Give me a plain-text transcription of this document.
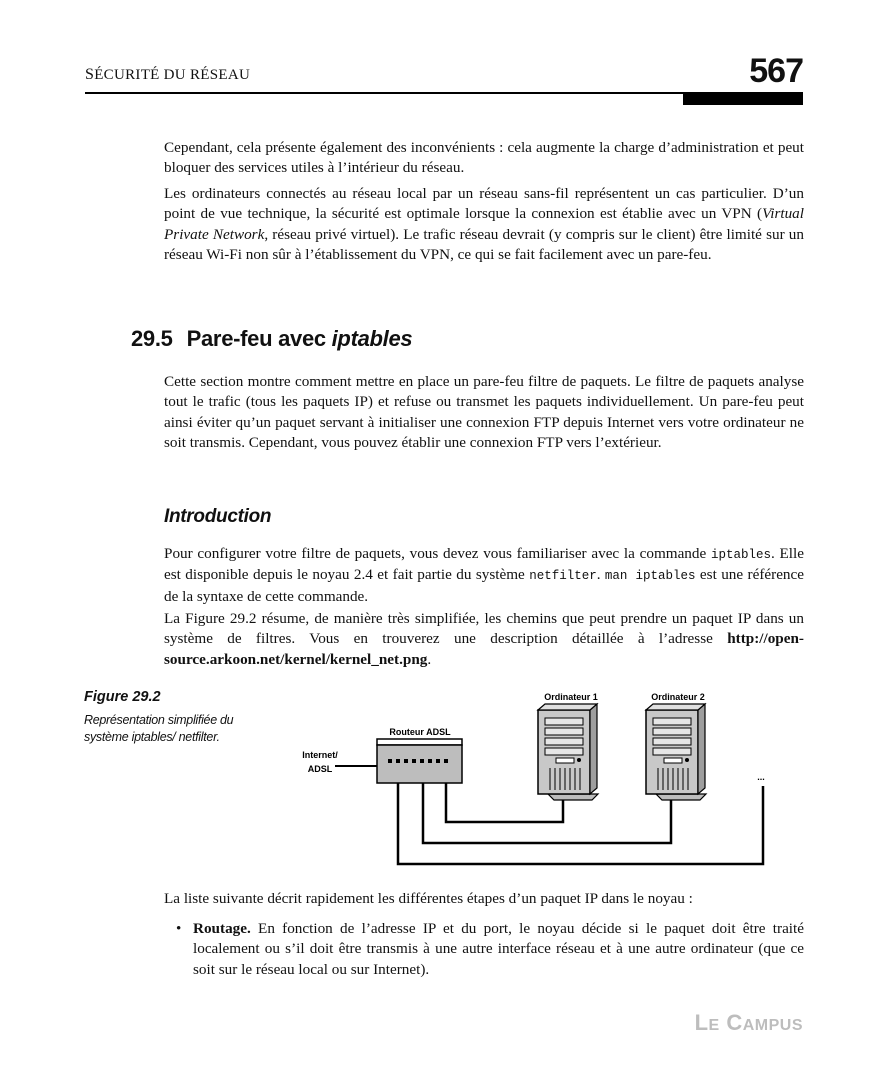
SÉCURITÉ DU RÉSEAU	567

Cependant, cela présente également des inconvénients : cela augmente la charge d’administration et peut bloquer des services utiles à l’intérieur du réseau.

Les ordinateurs connectés au réseau local par un réseau sans-fil représentent un cas particulier. D’un point de vue technique, la sécurité est optimale lorsque la connexion est établie avec un VPN (Virtual Private Network, réseau privé virtuel). Le trafic réseau devrait (y compris sur le client) être limité sur un réseau Wi-Fi non sûr à l’établissement du VPN, ce qui se fait facilement avec un pare-feu.

29.5 Pare-feu avec iptables

Cette section montre comment mettre en place un pare-feu filtre de paquets. Le filtre de paquets analyse tout le trafic (tous les paquets IP) et refuse ou transmet les paquets individuellement. Un pare-feu peut ainsi éviter qu’un paquet servant à initialiser une connexion FTP depuis Internet vers votre ordinateur ne soit transmis. Cependant, vous pouvez établir une connexion FTP vers l’extérieur.

Introduction

Pour configurer votre filtre de paquets, vous devez vous familiariser avec la commande iptables. Elle est disponible depuis le noyau 2.4 et fait partie du système netfilter. man iptables est une référence de la syntaxe de cette commande.

La Figure 29.2 résume, de manière très simplifiée, les chemins que peut prendre un paquet IP dans un système de filtres. Vous en trouverez une description détaillée à l’adresse http://open-source.arkoon.net/kernel/kernel_net.png.

Figure 29.2
Représentation simplifiée du système iptables/ netfilter.
Internet/
ADSL
Routeur ADSL
Ordinateur 1	Ordinateur 2
...

La liste suivante décrit rapidement les différentes étapes d’un paquet IP dans le noyau :

• Routage. En fonction de l’adresse IP et du port, le noyau décide si le paquet doit être traité localement ou s’il doit être transmis à une autre interface réseau et à une autre ordinateur (que ce soit sur le réseau local ou sur Internet).
LE CAMPUS
